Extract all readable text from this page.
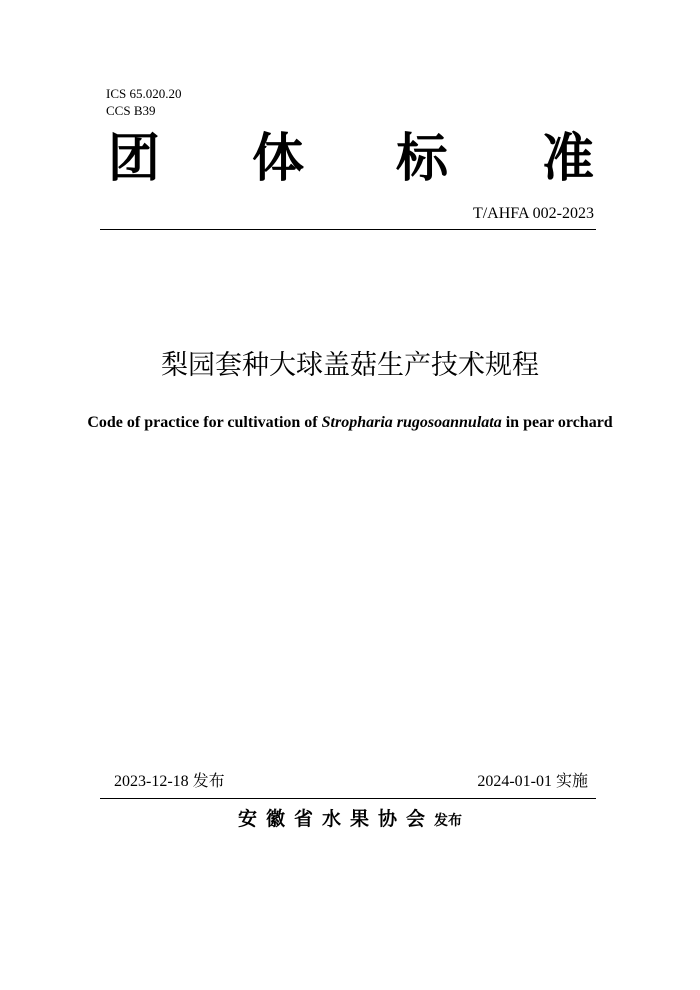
ICS 65.020.20
CCS B39
团 体 标 准
T/AHFA 002-2023
梨园套种大球盖菇生产技术规程
Code of practice for cultivation of Stropharia rugosoannulata in pear orchard
2023-12-18 发布	2024-01-01 实施
安徽省水果协会发布
